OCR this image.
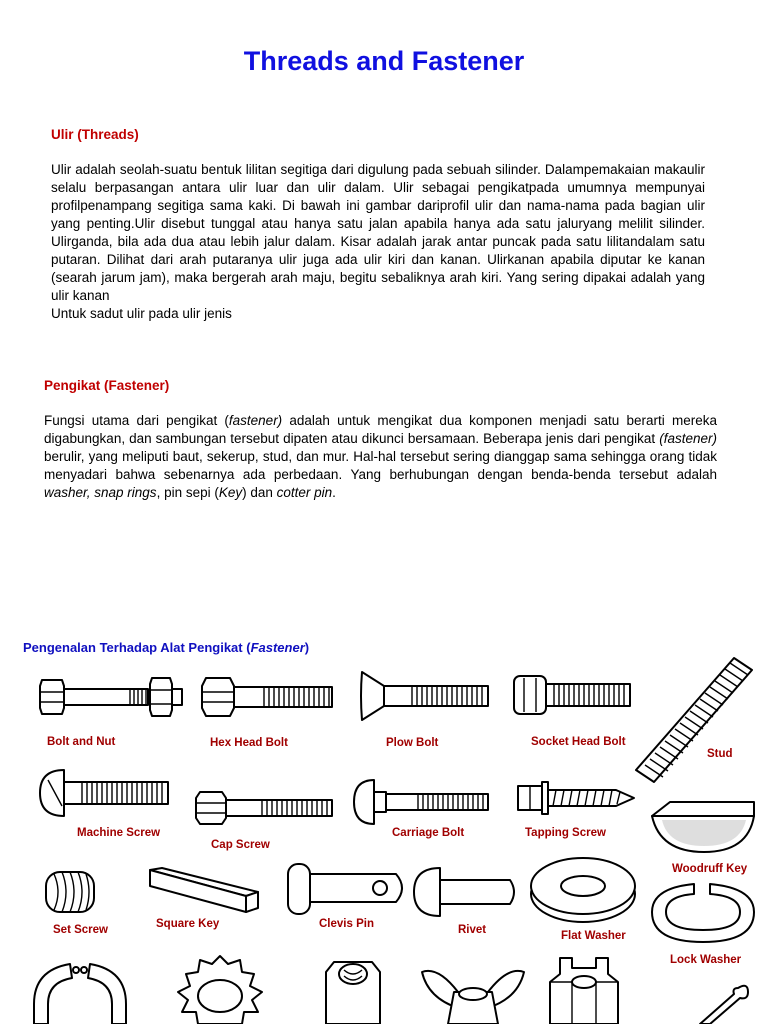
Threads and Fastener
Ulir (Threads)
Ulir adalah seolah-suatu bentuk lilitan segitiga dari digulung pada sebuah silinder. Dalampemakaian makaulir selalu berpasangan antara ulir luar dan ulir dalam. Ulir sebagai pengikatpada umumnya mempunyai profilpenampang segitiga sama kaki. Di bawah ini gambar dariprofil ulir dan nama-nama pada bagian ulir yang penting.Ulir disebut tunggal atau hanya satu jalan apabila hanya ada satu jaluryang melilit silinder. Ulirganda, bila ada dua atau lebih jalur dalam. Kisar adalah jarak antar puncak pada satu lilitandalam satu putaran. Dilihat dari arah putaranya ulir juga ada ulir kiri dan kanan. Ulirkanan apabila diputar ke kanan (searah jarum jam), maka bergerah arah maju, begitu sebaliknya arah kiri. Yang sering dipakai adalah yang ulir kanan
Untuk sadut ulir pada ulir jenis
Pengikat (Fastener)
Fungsi utama dari pengikat (fastener) adalah untuk mengikat dua komponen menjadi satu berarti mereka digabungkan, dan sambungan tersebut dipaten atau dikunci bersamaan. Beberapa jenis dari pengikat (fastener) berulir, yang meliputi baut, sekerup, stud, dan mur. Hal-hal tersebut sering dianggap sama sehingga orang tidak menyadari bahwa sebenarnya ada perbedaan. Yang berhubungan dengan benda-benda tersebut adalah washer, snap rings, pin sepi (Key) dan cotter pin.
Pengenalan Terhadap Alat Pengikat (Fastener)
Bolt and Nut	Hex Head Bolt	Plow Bolt	Socket Head Bolt
Stud
Machine Screw
Cap Screw
Carriage Bolt	Tapping Screw
Woodruff Key
Set Screw	Square Key	Clevis Pin	Rivet	Flat Washer
Lock Washer
